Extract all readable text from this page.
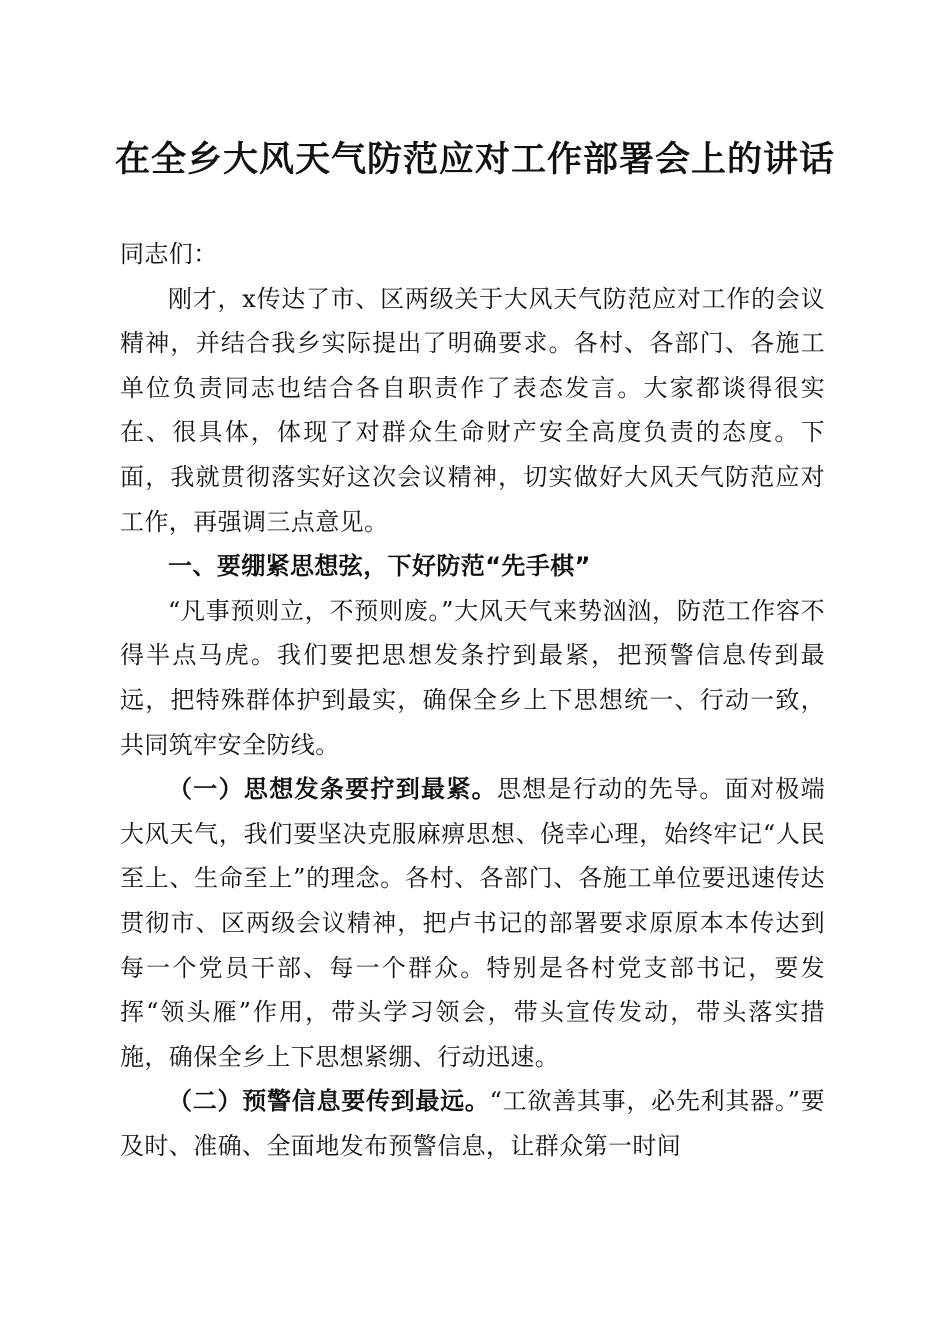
在全乡大风天气防范应对工作部署会上的讲话

同志们：

刚才，x传达了市、区两级关于大风天气防范应对工作的会议精神，并结合我乡实际提出了明确要求。各村、各部门、各施工单位负责同志也结合各自职责作了表态发言。大家都谈得很实在、很具体，体现了对群众生命财产安全高度负责的态度。下面，我就贯彻落实好这次会议精神，切实做好大风天气防范应对工作，再强调三点意见。

一、要绷紧思想弦，下好防范“先手棋”

“凡事预则立，不预则废。”大风天气来势汹汹，防范工作容不得半点马虎。我们要把思想发条拧到最紧，把预警信息传到最远，把特殊群体护到最实，确保全乡上下思想统一、行动一致，共同筑牢安全防线。

（一）思想发条要拧到最紧。思想是行动的先导。面对极端大风天气，我们要坚决克服麻痹思想、侥幸心理，始终牢记“人民至上、生命至上”的理念。各村、各部门、各施工单位要迅速传达贯彻市、区两级会议精神，把卢书记的部署要求原原本本传达到每一个党员干部、每一个群众。特别是各村党支部书记，要发挥“领头雁”作用，带头学习领会，带头宣传发动，带头落实措施，确保全乡上下思想紧绷、行动迅速。

（二）预警信息要传到最远。“工欲善其事，必先利其器。”要及时、准确、全面地发布预警信息，让群众第一时间
